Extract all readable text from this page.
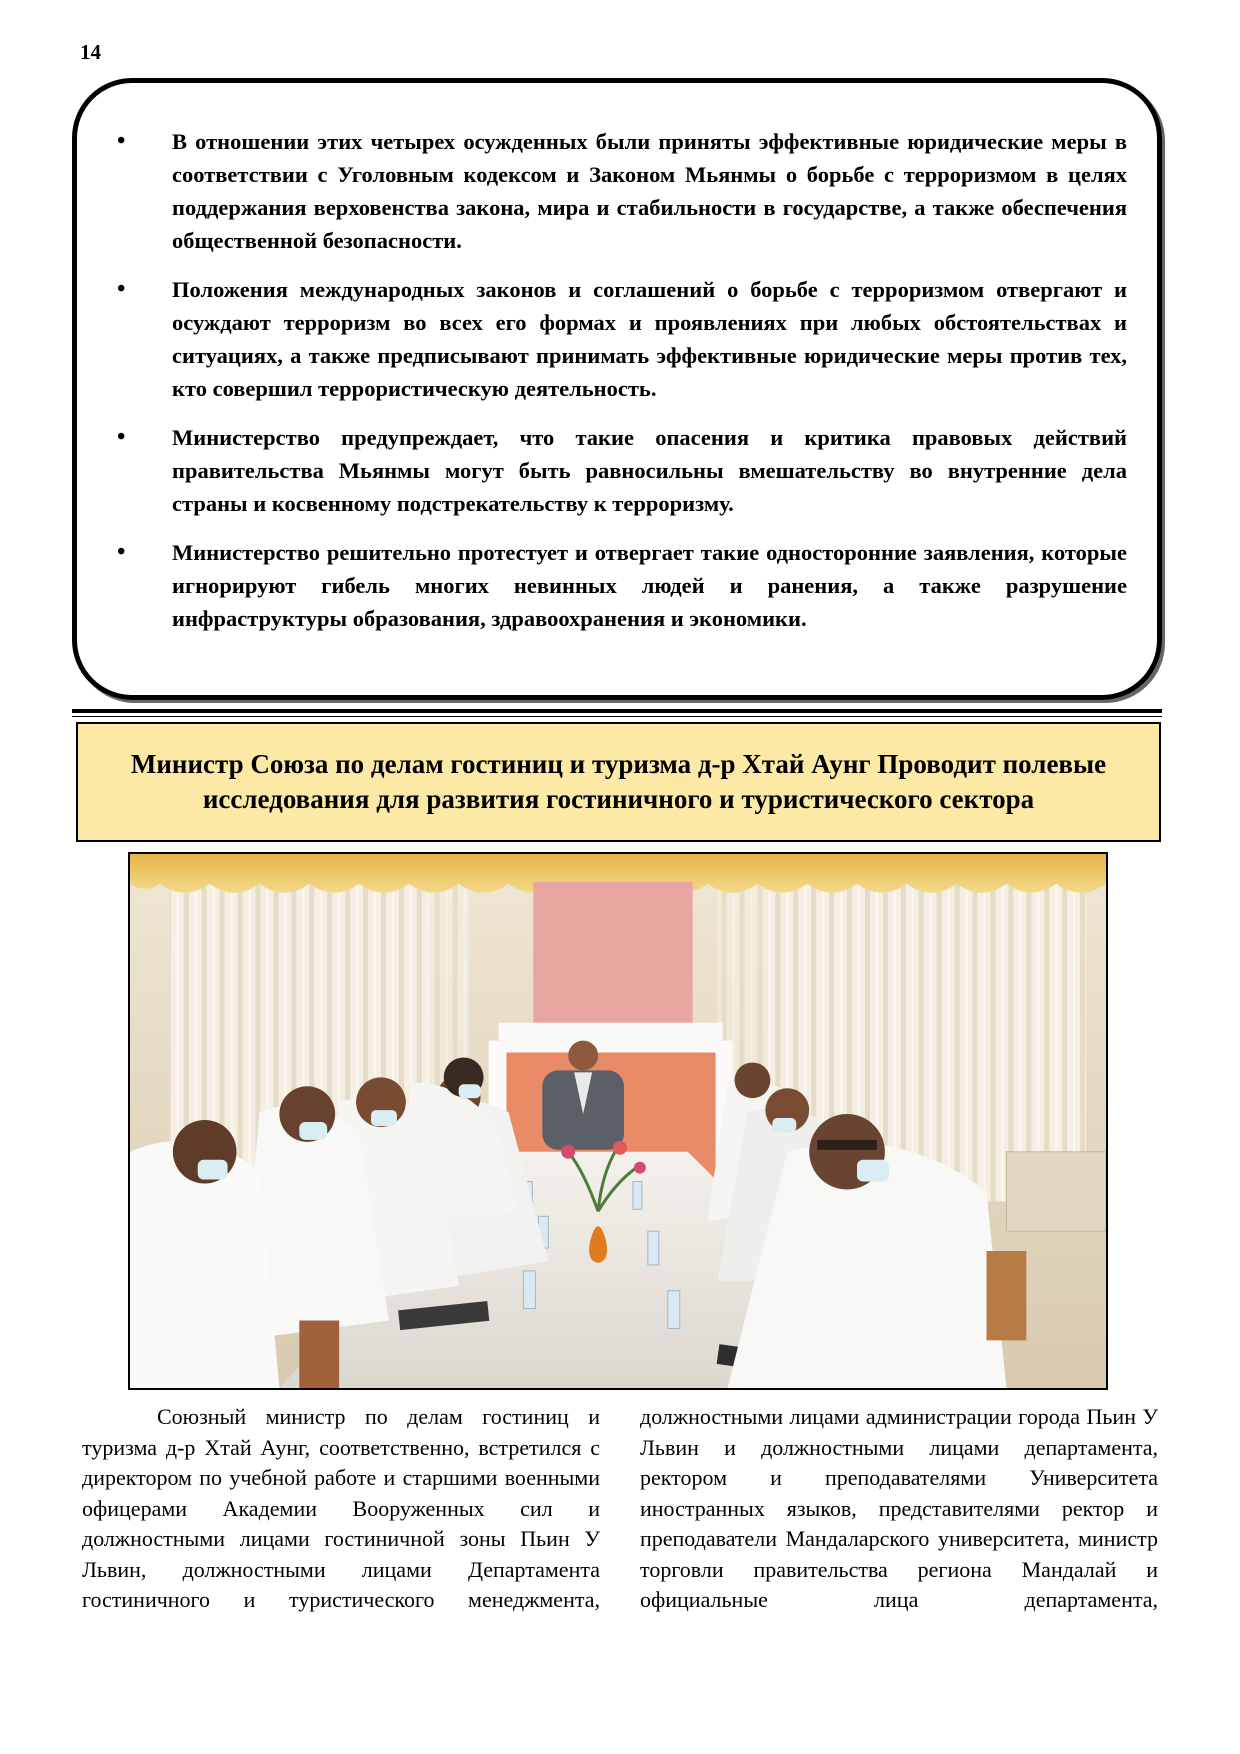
14
• В отношении этих четырех осужденных были приняты эффективные юридические меры в соответствии с Уголовным кодексом и Законом Мьянмы о борьбе с терроризмом в целях поддержания верховенства закона, мира и стабильности в государстве, а также обеспечения общественной безопасности.
• Положения международных законов и соглашений о борьбе с терроризмом отвергают и осуждают терроризм во всех его формах и проявлениях при любых обстоятельствах и ситуациях, а также предписывают принимать эффективные юридические меры против тех, кто совершил террористическую деятельность.
• Министерство предупреждает, что такие опасения и критика правовых действий правительства Мьянмы могут быть равносильны вмешательству во внутренние дела страны и косвенному подстрекательству к терроризму.
• Министерство решительно протестует и отвергает такие односторонние заявления, которые игнорируют гибель многих невинных людей и ранения, а также разрушение инфраструктуры образования, здравоохранения и экономики.
Министр Союза по делам гостиниц и туризма д-р Хтай Аунг Проводит полевые исследования для развития гостиничного и туристического сектора
Союзный министр по делам гостиниц и туризма д-р Хтай Аунг, соответственно, встретился с директором по учебной работе и старшими военными офицерами Академии Вооруженных сил и должностными лицами гостиничной зоны Пьин У Львин, должностными лицами Департамента гостиничного и туристического менеджмента,
должностными лицами администрации города Пьин У Львин и должностными лицами департамента, ректором и преподавателями Университета иностранных языков, представителями ректор и преподаватели Мандаларского университета, министр торговли правительства региона Мандалай и официальные лица департамента,
